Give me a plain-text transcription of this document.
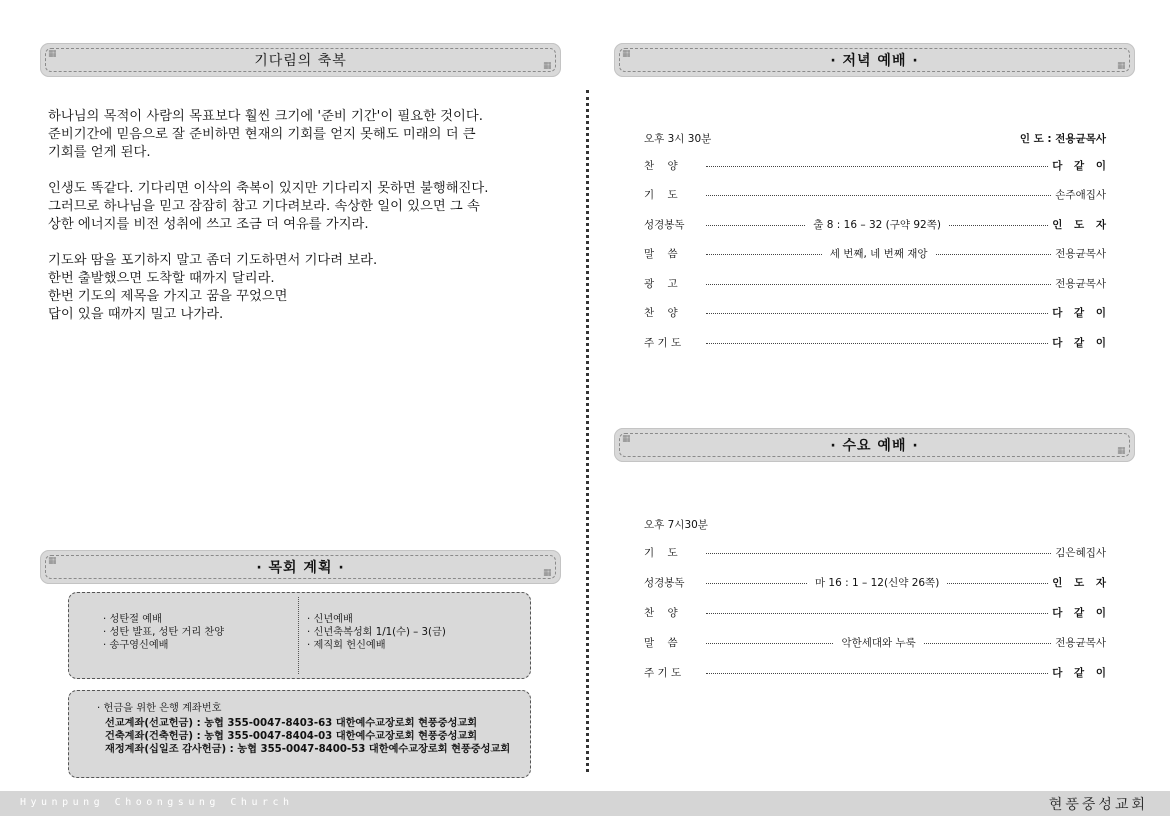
▦	기다림의 축복	▦

하나님의 목적이 사람의 목표보다 훨씬 크기에 '준비 기간'이 필요한 것이다.
준비기간에 믿음으로 잘 준비하면 현재의 기회를 얻지 못해도 미래의 더 큰
기회를 얻게 된다.

인생도 똑같다. 기다리면 이삭의 축복이 있지만 기다리지 못하면 불행해진다.
그러므로 하나님을 믿고 잠잠히 참고 기다려보라. 속상한 일이 있으면 그 속
상한 에너지를 비전 성취에 쓰고 조금 더 여유를 가지라.

기도와 땀을 포기하지 말고 좀더 기도하면서 기다려 보라.
한번 출발했으면 도착할 때까지 달리라.
한번 기도의 제목을 가지고 꿈을 꾸었으면
답이 있을 때까지 밀고 나가라.

▦	· 목회 계획 ·	▦
· 성탄절 예배
· 성탄 발표, 성탄 거리 찬양
· 송구영신예배
· 신년예배
· 신년축복성회 1/1(수) – 3(금)
· 제직회 헌신예배
· 헌금을 위한 은행 계좌번호
선교계좌(선교헌금) : 농협 355-0047-8403-63 대한예수교장로회 현풍중성교회
건축계좌(건축헌금) : 농협 355-0047-8404-03 대한예수교장로회 현풍중성교회
재정계좌(십일조 감사헌금) : 농협 355-0047-8400-53 대한예수교장로회 현풍중성교회
▦	· 저녁 예배 ·	▦
오후 3시 30분	인 도 : 전용균목사
찬    양	다 같 이
기    도	손주애집사
성경봉독	출 8 : 16 – 32 (구약 92쪽)	인 도 자
말    씀	세 번째, 네 번째 재앙	전용균목사
광    고	전용균목사
찬    양	다 같 이
주 기 도	다 같 이
▦	· 수요 예배 ·	▦
오후 7시30분
기    도	김은혜집사
성경봉독	마 16 : 1 – 12(신약 26쪽)	인 도 자
찬    양	다 같 이
말    씀	악한세대와 누룩	전용균목사
주 기 도	다 같 이
Hyunpung Choongsung Church	현풍중성교회
